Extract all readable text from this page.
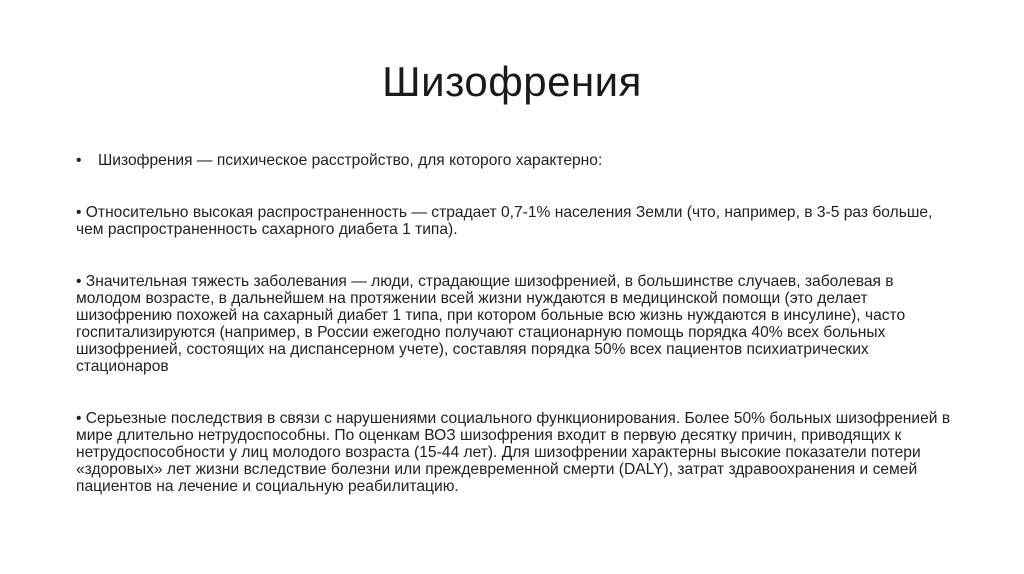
Шизофрения

• Шизофрения — психическое расстройство, для которого характерно:

• Относительно высокая распространенность — страдает 0,7-1% населения Земли (что, например, в 3-5 раз больше, чем распространенность сахарного диабета 1 типа).

• Значительная тяжесть заболевания — люди, страдающие шизофренией, в большинстве случаев, заболевая в молодом возрасте, в дальнейшем на протяжении всей жизни нуждаются в медицинской помощи (это делает шизофрению похожей на сахарный диабет 1 типа, при котором больные всю жизнь нуждаются в инсулине), часто госпитализируются (например, в России ежегодно получают стационарную помощь порядка 40% всех больных шизофренией, состоящих на диспансерном учете), составляя порядка 50% всех пациентов психиатрических стационаров

• Серьезные последствия в связи с нарушениями социального функционирования. Более 50% больных шизофренией в мире длительно нетрудоспособны. По оценкам ВОЗ шизофрения входит в первую десятку причин, приводящих к нетрудоспособности у лиц молодого возраста (15-44 лет). Для шизофрении характерны высокие показатели потери «здоровых» лет жизни вследствие болезни или преждевременной смерти (DALY), затрат здравоохранения и семей пациентов на лечение и социальную реабилитацию.
